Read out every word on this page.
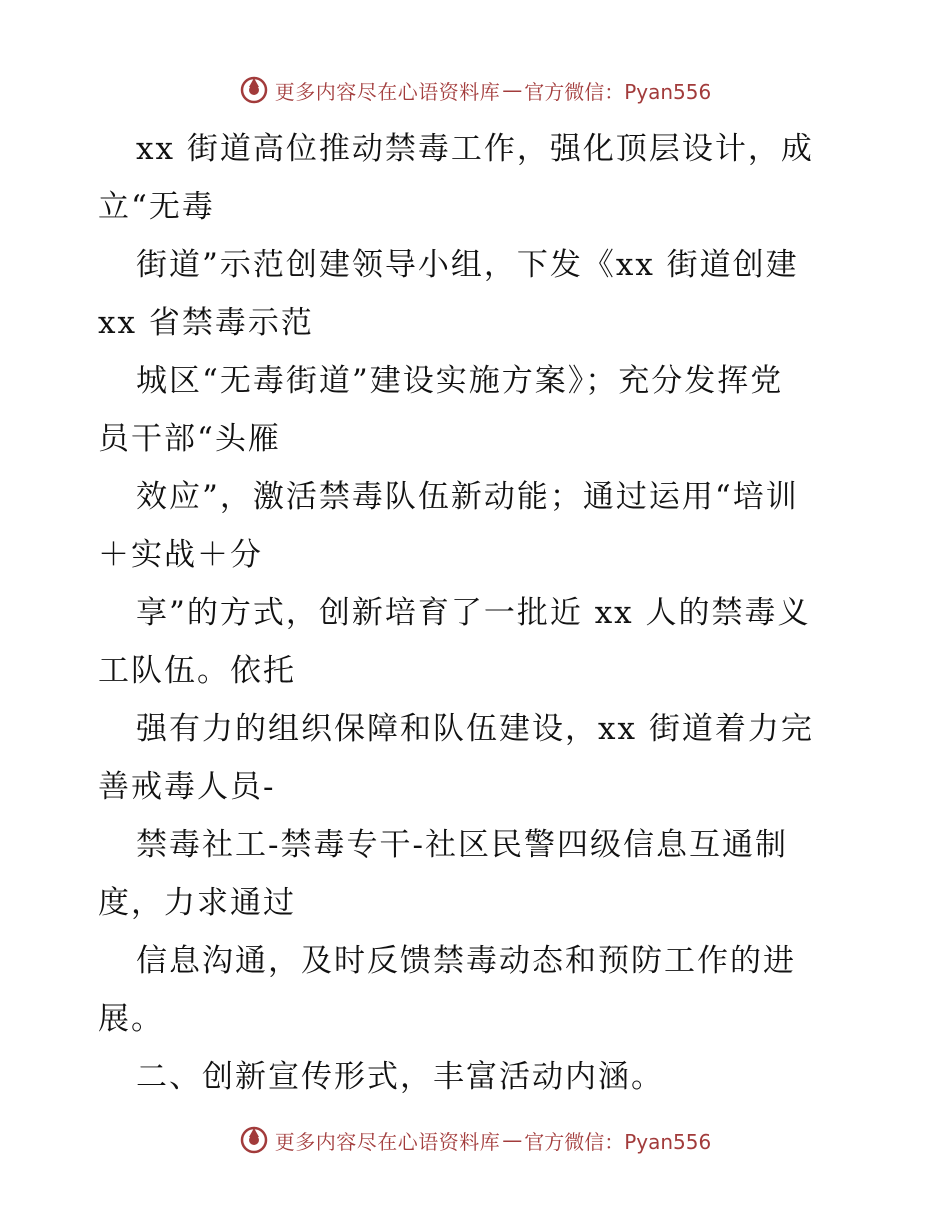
更多内容尽在心语资料库 — 官方微信：Pyan556
xx 街道高位推动禁毒工作，强化顶层设计，成
立“无毒
街道”示范创建领导小组，下发《xx 街道创建
xx 省禁毒示范
城区“无毒街道”建设实施方案》；充分发挥党
员干部“头雁
效应”，激活禁毒队伍新动能；通过运用“培训
＋实战＋分
享”的方式，创新培育了一批近 xx 人的禁毒义
工队伍。依托
强有力的组织保障和队伍建设，xx 街道着力完
善戒毒人员-
禁毒社工-禁毒专干-社区民警四级信息互通制
度，力求通过
信息沟通，及时反馈禁毒动态和预防工作的进
展。
二、创新宣传形式，丰富活动内涵。
更多内容尽在心语资料库 — 官方微信：Pyan556
